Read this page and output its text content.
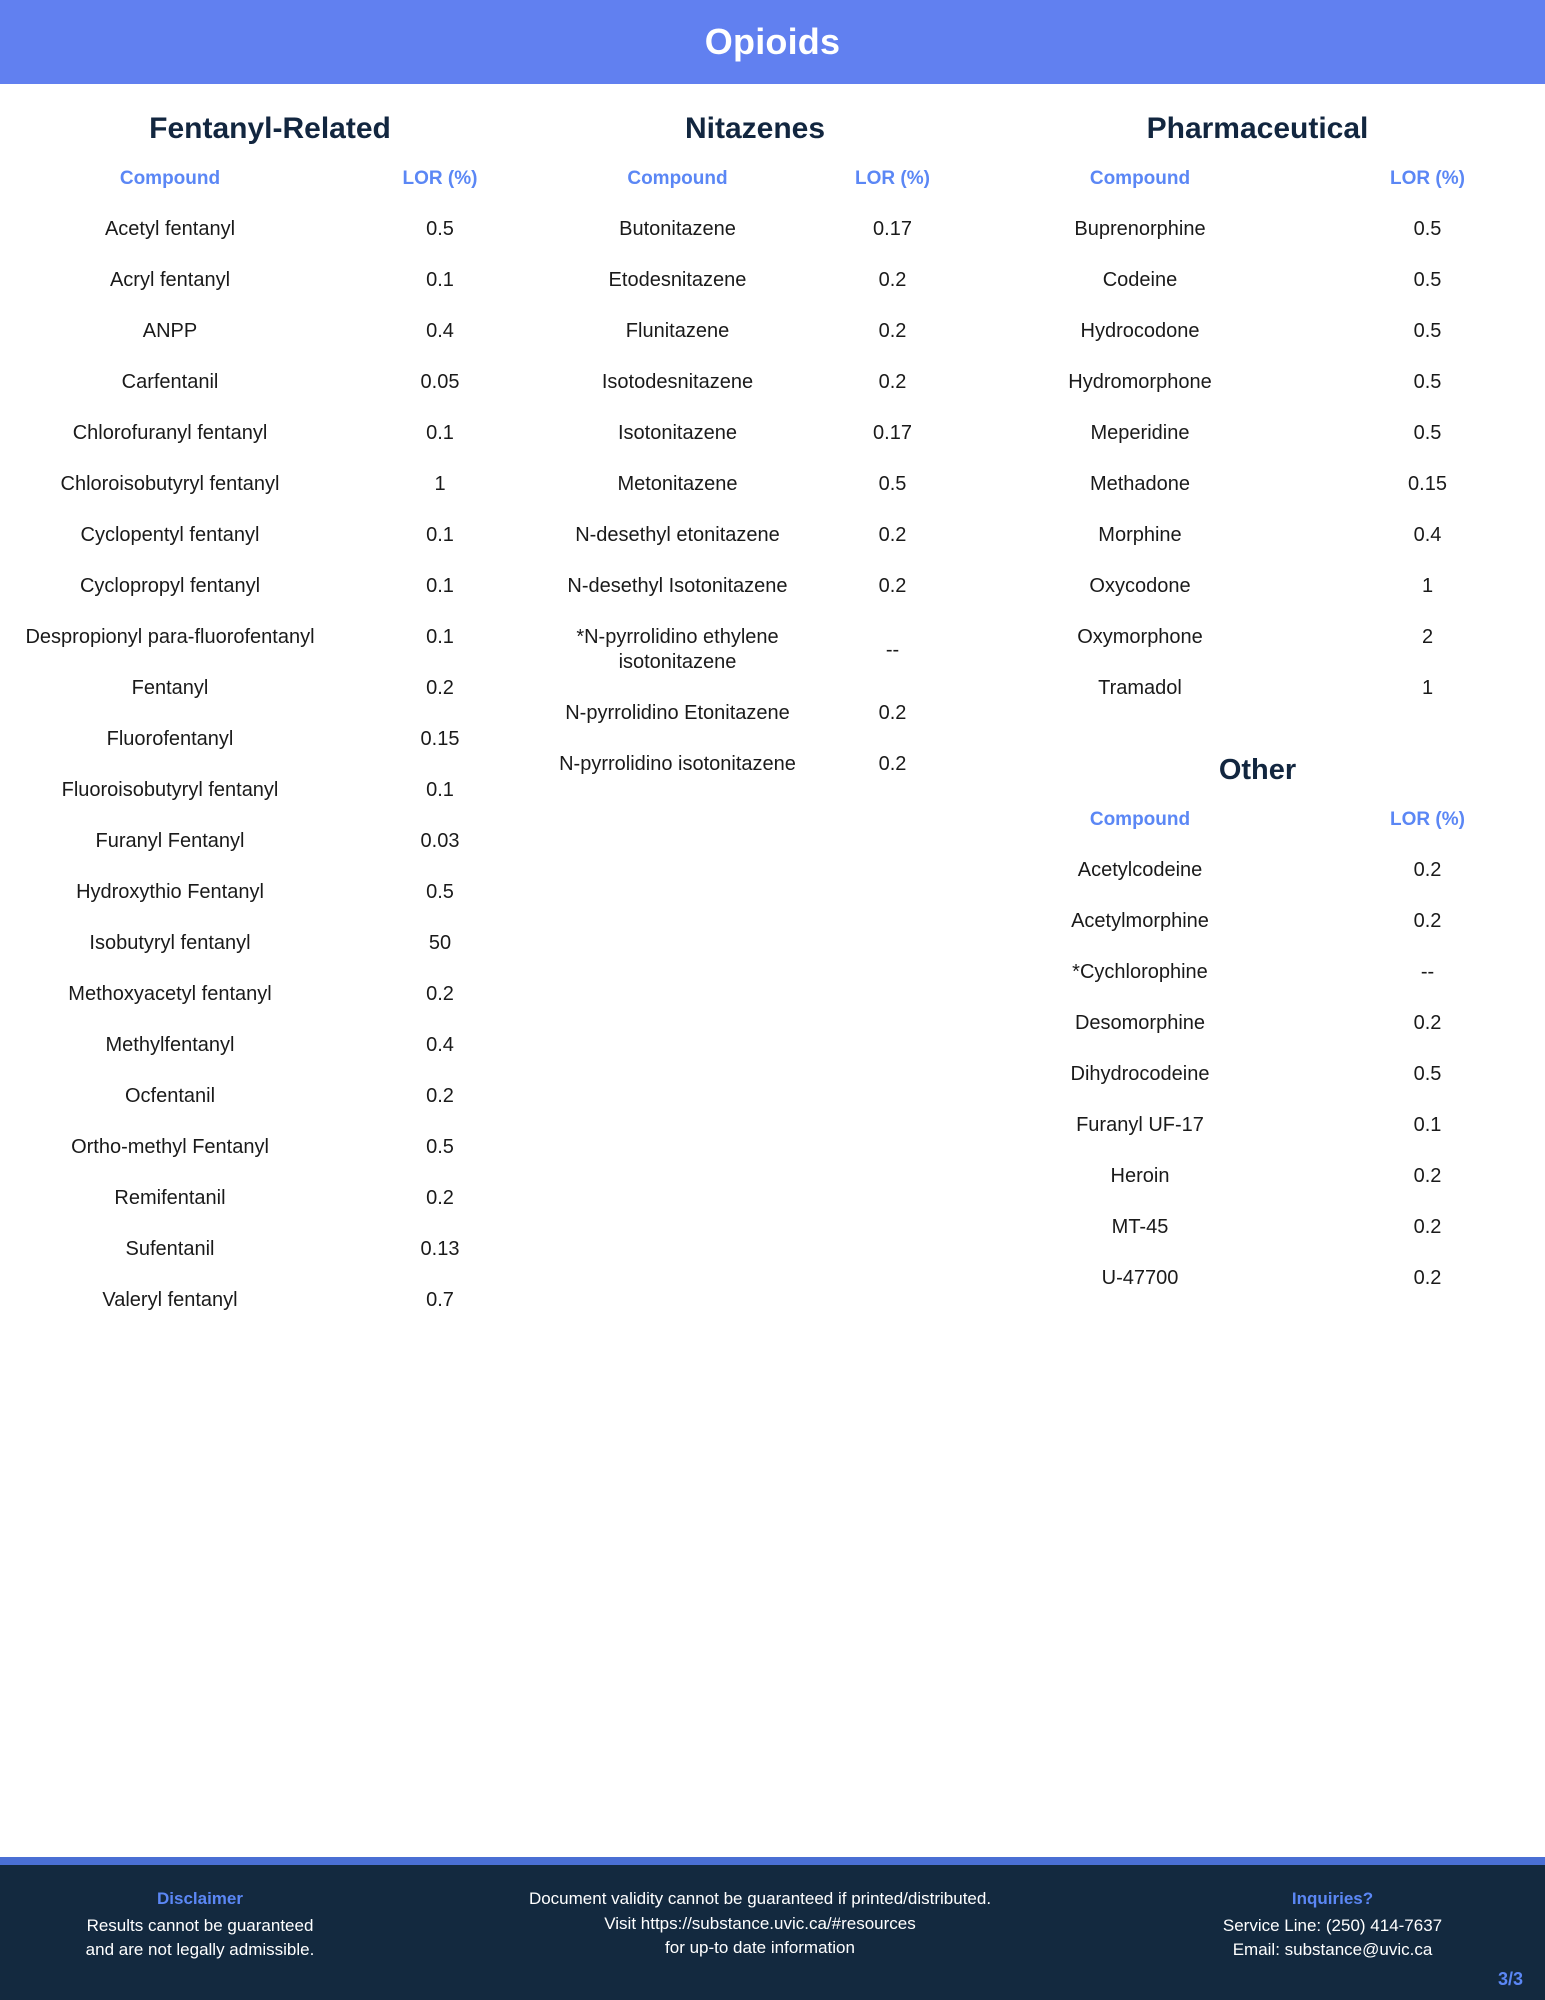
Opioids
Fentanyl-Related
Compound	LOR (%)
Acetyl fentanyl	0.5
Acryl fentanyl	0.1
ANPP	0.4
Carfentanil	0.05
Chlorofuranyl fentanyl	0.1
Chloroisobutyryl fentanyl	1
Cyclopentyl fentanyl	0.1
Cyclopropyl fentanyl	0.1
Despropionyl para-fluorofentanyl	0.1
Fentanyl	0.2
Fluorofentanyl	0.15
Fluoroisobutyryl fentanyl	0.1
Furanyl Fentanyl	0.03
Hydroxythio Fentanyl	0.5
Isobutyryl fentanyl	50
Methoxyacetyl fentanyl	0.2
Methylfentanyl	0.4
Ocfentanil	0.2
Ortho-methyl Fentanyl	0.5
Remifentanil	0.2
Sufentanil	0.13
Valeryl fentanyl	0.7
Nitazenes
Compound	LOR (%)
Butonitazene	0.17
Etodesnitazene	0.2
Flunitazene	0.2
Isotodesnitazene	0.2
Isotonitazene	0.17
Metonitazene	0.5
N-desethyl etonitazene	0.2
N-desethyl Isotonitazene	0.2
*N-pyrrolidino ethylene isotonitazene	--
N-pyrrolidino Etonitazene	0.2
N-pyrrolidino isotonitazene	0.2
Pharmaceutical
Compound	LOR (%)
Buprenorphine	0.5
Codeine	0.5
Hydrocodone	0.5
Hydromorphone	0.5
Meperidine	0.5
Methadone	0.15
Morphine	0.4
Oxycodone	1
Oxymorphone	2
Tramadol	1
Other
Compound	LOR (%)
Acetylcodeine	0.2
Acetylmorphine	0.2
*Cychlorophine	--
Desomorphine	0.2
Dihydrocodeine	0.5
Furanyl UF-17	0.1
Heroin	0.2
MT-45	0.2
U-47700	0.2
Disclaimer
Results cannot be guaranteed
and are not legally admissible.
Document validity cannot be guaranteed if printed/distributed.
Visit https://substance.uvic.ca/#resources
for up-to date information
Inquiries?
Service Line: (250) 414-7637
Email: substance@uvic.ca
3/3
